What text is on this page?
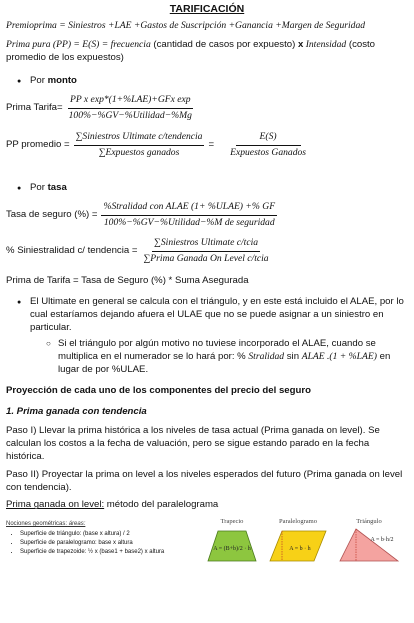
TARIFICACIÓN

Premioprima = Siniestros +LAE +Gastos de Suscripción +Ganancia +Margen de Seguridad

Prima pura (PP) = E(S) = frecuencia (cantidad de casos por expuesto) x Intensidad (costo
promedio de los expuestos)

● Por monto

Prima Tarifa= $\frac{\text{PP x exp*(1+\%LAE)+GFx exp}}{\text{100\%−\%GV−\%Utilidad−\%Mg}}$
PP promedio = $\frac{\text{∑Siniestros Ultimate c/tendencia}}{\text{∑Expuestos ganados}} = \frac{E(S)}{\text{Expuestos Ganados}}$

● Por tasa

Tasa de seguro (%) = $\frac{\text{\%Stralidad con ALAE (1+ \%ULAE) +\% GF}}{\text{100\%−\%GV−\%Utilidad−\%M de seguridad}}$
% Siniestralidad c/ tendencia = $\frac{\text{∑Siniestros Ultimate c/tcia}}{\text{∑Prima Ganada On Level c/tcia}}$

Prima de Tarifa = Tasa de Seguro (%) * Suma Asegurada

● El Ultimate en general se calcula con el triángulo, y en este está incluido el ALAE, por lo cual estaríamos dejando afuera el ULAE que no se puede asignar a un siniestro en particular.

○ Si el triángulo por algún motivo no tuviese incorporado el ALAE, cuando se multiplica en el numerador se lo hará por: % Stralidad sin ALAE .(1 + %LAE) en lugar de por %ULAE.

Proyección de cada uno de los componentes del precio del seguro

1. Prima ganada con tendencia

Paso I) Llevar la prima histórica a los niveles de tasa actual (Prima ganada on level). Se calculan los costos a la fecha de valuación, pero se sigue estando parado en la fecha histórica.

Paso II) Proyectar la prima on level a los niveles esperados del futuro (Prima ganada on level con tendencia).

Prima ganada on level: método del paralelograma

Nociones geométricas: áreas:
• Superficie de triángulo: (base x altura) / 2
• Superficie de paralelogramo: base x altura
• Superficie de trapezoide: ½ x (base1 + base2) x altura
Trapecio
A = (B+b)/2 · h
Paralelogramo
A = b · h
Triángulo
A = b·h/2
